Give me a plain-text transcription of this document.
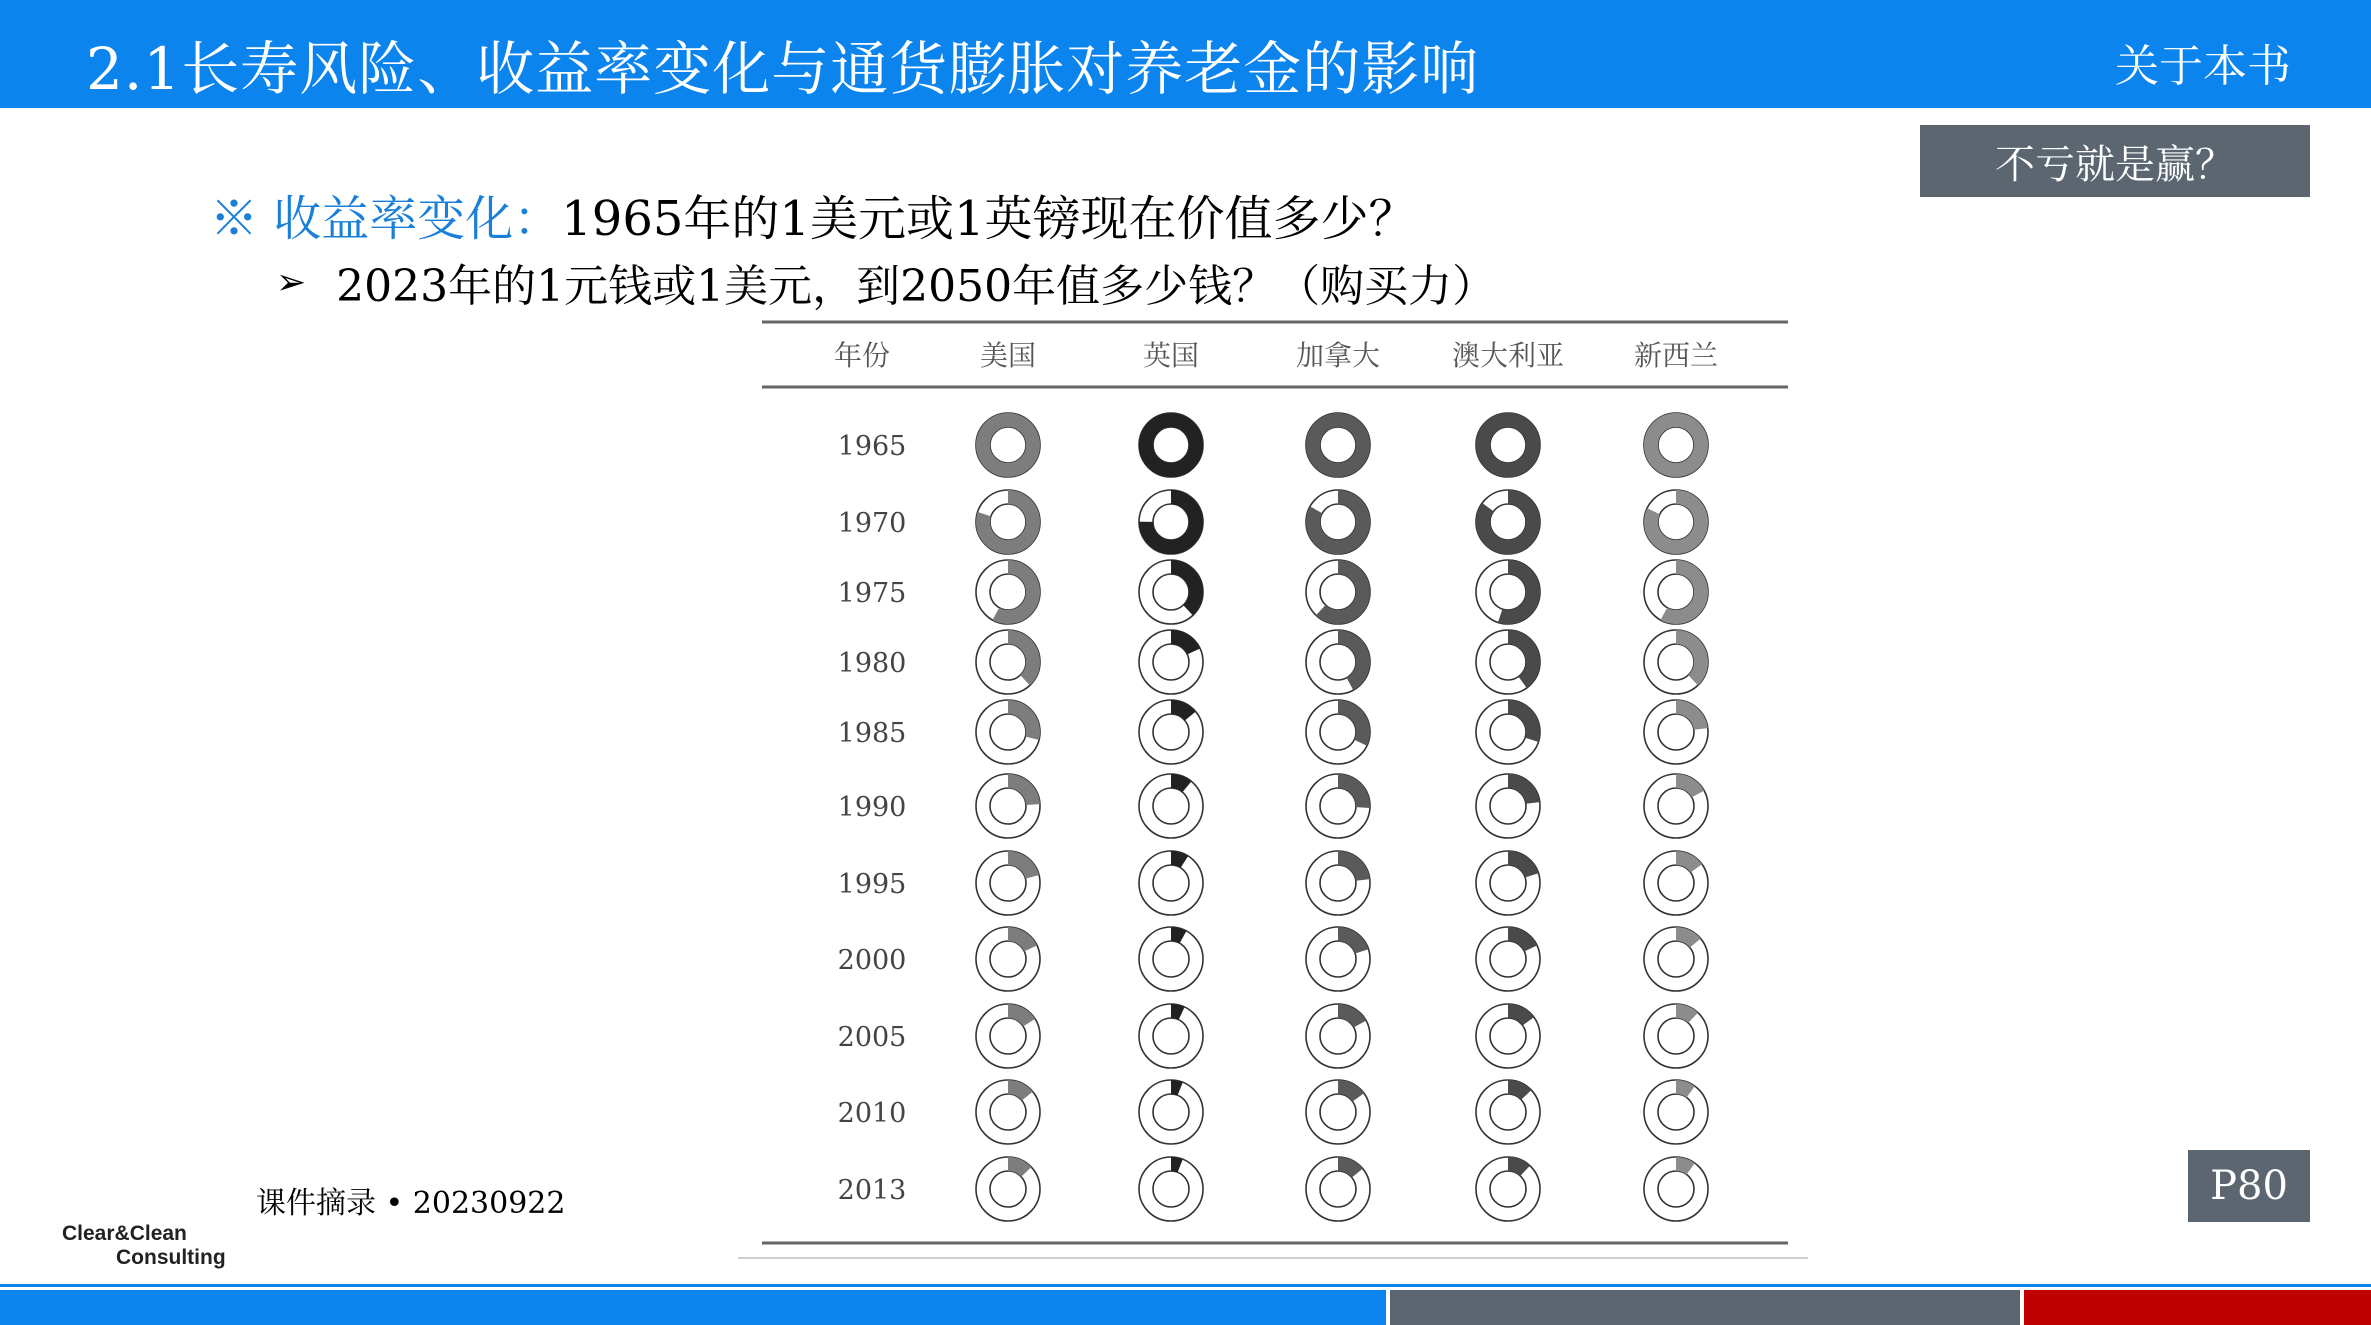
2.1长寿风险、收益率变化与通货膨胀对养老金的影响	关于本书
不亏就是赢？
※ 收益率变化：1965年的1美元或1英镑现在价值多少？
➢ 2023年的1元钱或1美元，到2050年值多少钱？（购买力）
年份	美国	英国	加拿大	澳大利亚 新西兰
1965
1970
1975
1980
1985
1990
1995
2000
2005
2010
2013
课件摘录 • 20230922
Clear&Clean
Consulting
P80
